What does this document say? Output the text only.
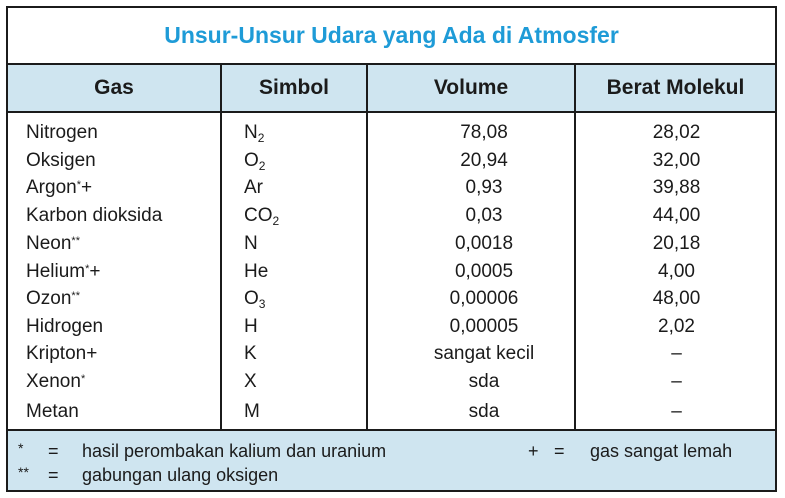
Unsur-Unsur Udara yang Ada di Atmosfer
Gas	Simbol	Volume	Berat Molekul
Nitrogen	$N_2$	78,08	28,02
Oksigen	$O_2$	20,94	32,00
Argon*+	Ar	0,93	39,88
Karbon dioksida	$CO_2$	0,03	44,00
Neon**	N	0,0018	20,18
Helium*+	He	0,0005	4,00
Ozon**	$O_3$	0,00006	48,00
Hidrogen	H	0,00005	2,02
Kripton+	K	sangat kecil	–
Xenon*	X	sda	–
Metan	M	sda	–
* = hasil perombakan kalium dan uranium	+ = gas sangat lemah
** = gabungan ulang oksigen
